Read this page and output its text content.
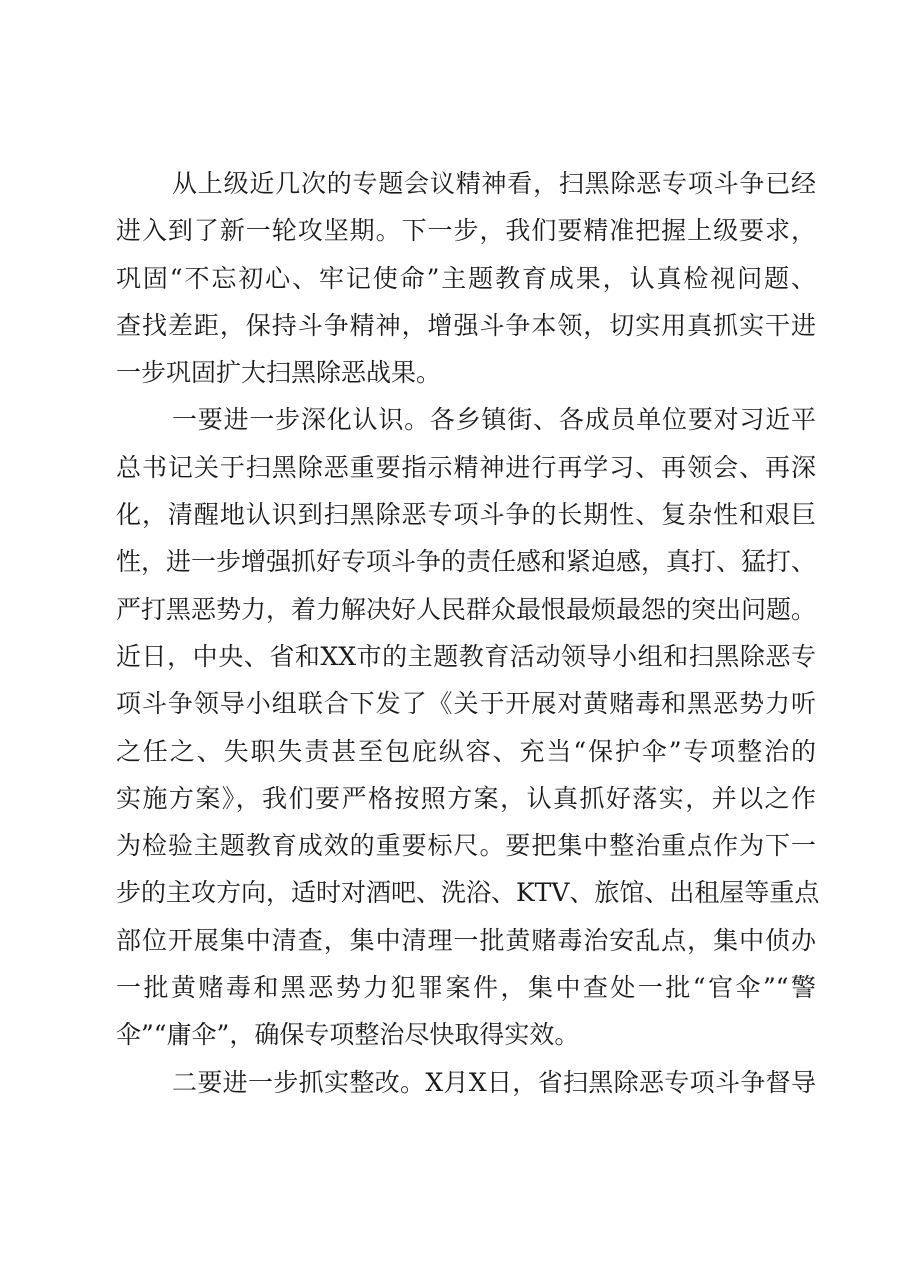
从上级近几次的专题会议精神看，扫黑除恶专项斗争已经
进入到了新一轮攻坚期。下一步，我们要精准把握上级要求，
巩固“不忘初心、牢记使命”主题教育成果，认真检视问题、
查找差距，保持斗争精神，增强斗争本领，切实用真抓实干进
一步巩固扩大扫黑除恶战果。
一要进一步深化认识。各乡镇街、各成员单位要对习近平
总书记关于扫黑除恶重要指示精神进行再学习、再领会、再深
化，清醒地认识到扫黑除恶专项斗争的长期性、复杂性和艰巨
性，进一步增强抓好专项斗争的责任感和紧迫感，真打、猛打、
严打黑恶势力，着力解决好人民群众最恨最烦最怨的突出问题。
近日，中央、省和XX市的主题教育活动领导小组和扫黑除恶专
项斗争领导小组联合下发了《关于开展对黄赌毒和黑恶势力听
之任之、失职失责甚至包庇纵容、充当“保护伞”专项整治的
实施方案》，我们要严格按照方案，认真抓好落实，并以之作
为检验主题教育成效的重要标尺。要把集中整治重点作为下一
步的主攻方向，适时对酒吧、洗浴、KTV、旅馆、出租屋等重点
部位开展集中清查，集中清理一批黄赌毒治安乱点，集中侦办
一批黄赌毒和黑恶势力犯罪案件，集中查处一批“官伞”“警
伞”“庸伞”，确保专项整治尽快取得实效。
二要进一步抓实整改。X月X日，省扫黑除恶专项斗争督导
